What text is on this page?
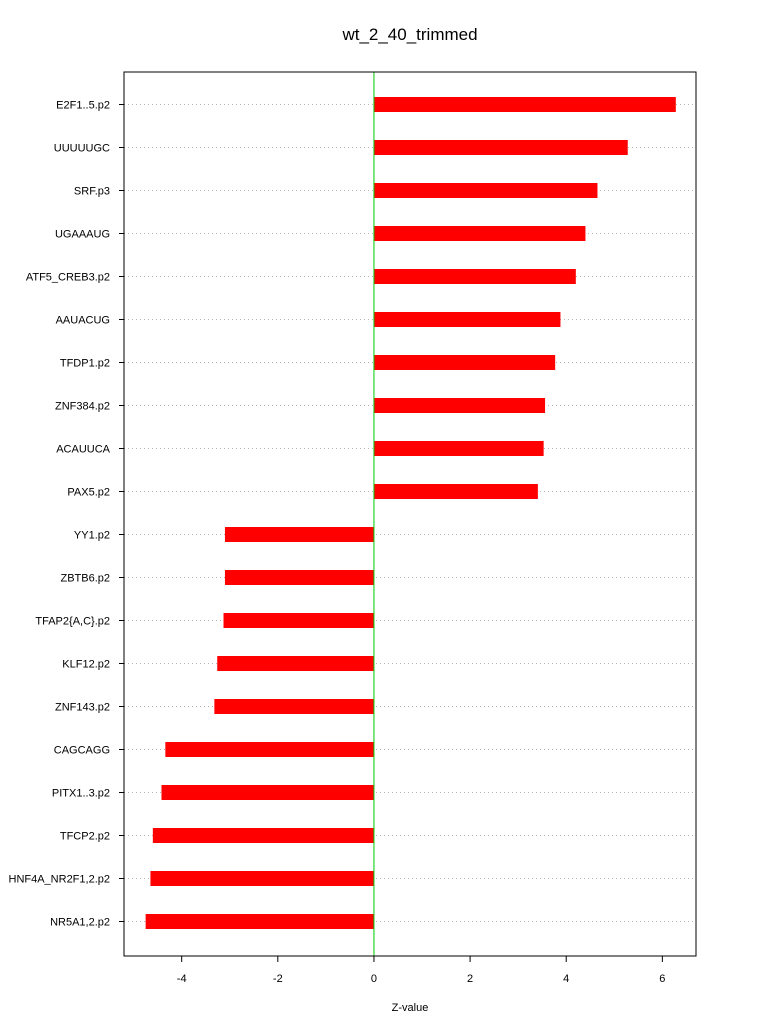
wt_2_40_trimmed
E2F1..5.p2
UUUUUGC
SRF.p3
UGAAAUG
ATF5_CREB3.p2
AAUACUG
TFDP1.p2
ZNF384.p2
ACAUUCA
PAX5.p2
YY1.p2
ZBTB6.p2
TFAP2{A,C}.p2
KLF12.p2
ZNF143.p2
CAGCAGG
PITX1..3.p2
TFCP2.p2
HNF4A_NR2F1,2.p2
NR5A1,2.p2
-4	-2	0	2	4	6
Z-value
